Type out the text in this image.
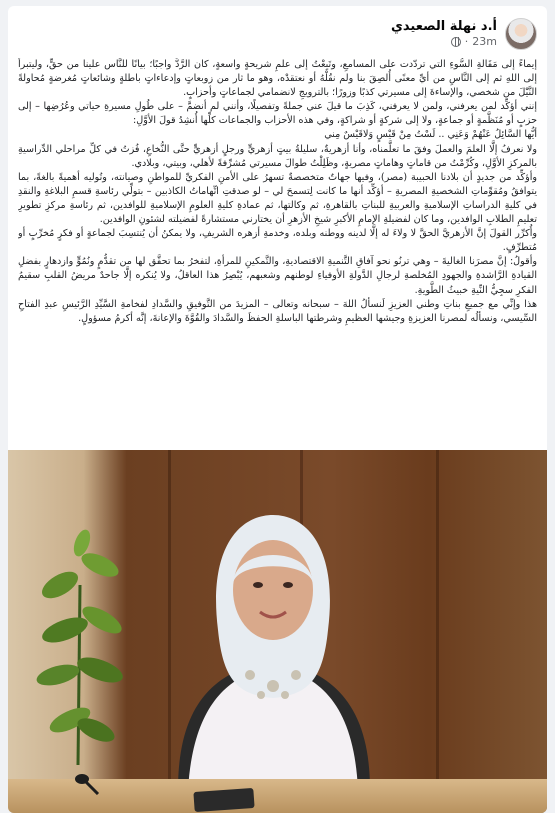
أ.د نهلة الصعيدي
23m
·

إيماءً إلى مَقَالةِ السُّوءِ التي تردّدت على المسامعِ، وتَبِعْتُ إلى علمِ شريحةٍ واسعةٍ، كان الرَّدُّ واجبًا؛ بيانًا للنَّاس علينا من حقٍّ، وليتبرأَ إلى اللهِ ثم إلى النَّاسِ من أيِّ معنًى أُلصِقَ بنا ولم نقُلْهُ أو نعتقدْه، وهو ما ثار من زوبعاتٍ وإدعاءاتٍ باطلةٍ وشائعاتٍ مُغرضةٍ مُحاولةً النَّيْلَ من شخصي، والإساءةَ إلى مسيرتي كذبًا وزورًا؛ بالترويجِ لانضمامي لجماعاتٍ وأحزابٍ.

إنني أؤكِّد لمن يعرفني، ولمن لا يعرفني، كَذِبَ ما قيلَ عني جملةً وتفصيلًا، وأنني لم أنضمَّ – على طُولِ مسيرةِ حياتي وعُرُضِها – إلى حزبٍ أو مُنَظَّمةٍ أو جماعةٍ، ولا إلى شركةٍ أو شراكةٍ، وفي هذه الأحزاب والجماعات كلِّها أُنشِدُ قولَ الأوَّلِ:

أيُّها السَّائِلُ عَنْهُمْ وَعَنِي .. لَسْتُ مِنْ قَيْسٍ وَلاقَيْسٌ مِني

ولا نعرفُ إلَّا العلمَ والعملَ وفقَ ما تعلَّمناه، وأنا أزهريةٌ، سليلةُ بيتٍ أزهريٍّ ورجلٍ أزهريٍّ حتَّى النُّخاعِ، فُزتُ في كلِّ مراحلي الدِّراسيةِ بالمركزِ الأوَّلِ، وكُرِّمْتُ من قاماتٍ وهاماتٍ مصريةٍ، وظَلِلْتُ طوالَ مسيرتي مُشرِّفةً لأهلي، وبيتي، وبلادي.

وأؤكِّد من جديدٍ أن بلادنا الحبيبة (مصر)، وفيها جهاتٌ متخصصةٌ تسهرُ على الأمنِ الفكريِّ للمواطنِ وصيانته، وتُوليه أهميةً بالغةً، بما يتوافقُ ومُقوِّماتِ الشخصيةِ المصريةِ – أؤكِّد أنها ما كانت لِتسمحَ لي – لو صدقتِ اتِّهاماتُ الكاذبين – بتولِّي رئاسةِ قسمِ البلاغةِ والنقدِ في كليةِ الدراساتِ الإسلاميةِ والعربيةِ للبناتِ بالقاهرةِ، ثم وكالتها، ثم عمادةِ كليةِ العلومِ الإسلاميةِ للوافدين، ثم رئاسةِ مركزِ تطويرِ تعليمِ الطلابِ الوافدين، وما كان لفضيلةِ الإمامِ الأكبرِ شيخِ الأزهرِ أن يختارني مستشارةً لفضيلته لشئونِ الوافدين.

وأُكرِّر القولَ إنَّ الأزهريَّ الحقَّ لا ولاءَ له إلَّا لدينه ووطنه وبلده، وخدمةِ أزهره الشريفِ، ولا يمكنُ أن يُنتسِبَ لجماعةٍ أو فكرٍ مُخرِّبٍ أو مُتطرِّفٍ.

وأقولُ: إنَّ مصرَنا الغاليةَ – وهي ترنُو نحو آفاقِ التَّنميةِ الاقتصاديةِ، والتَّمكينِ للمرأةِ، لتفخرُ بما تحقَّق لها من تقدُّمٍ ونُمُوٍّ وازدهارٍ بفضلِ القيادةِ الرَّاشدةِ والجهودِ المُخلصةِ لرجالِ الدَّولةِ الأوفياءِ لوطنهم وشعبهم، يُبْصِرُ هذا العاقلُ، ولا يُنكره إلَّا جاحدٌ مريضُ القلبِ سقيمُ الفكرِ سجِيُّ النِّيةِ خبيثُ الطَّويةِ.

هذا وإنِّي مع جميعِ بناتِ وطني العزيزِ لَنسألُ اللهَ – سبحانه وتعالى – المزيدَ من التَّوفيقِ والسَّدادِ لفخامةِ السَّيِّدِ الرَّئيسِ عبدِ الفتاحِ السِّيسي، ونسألُه لمصرنا العزيزةِ وجيشها العظيمِ وشرطتها الباسلةِ الحفظَ والسَّدادَ والقُوَّةَ والإعانةَ، إنَّه أكرمُ مسؤولٍ.
